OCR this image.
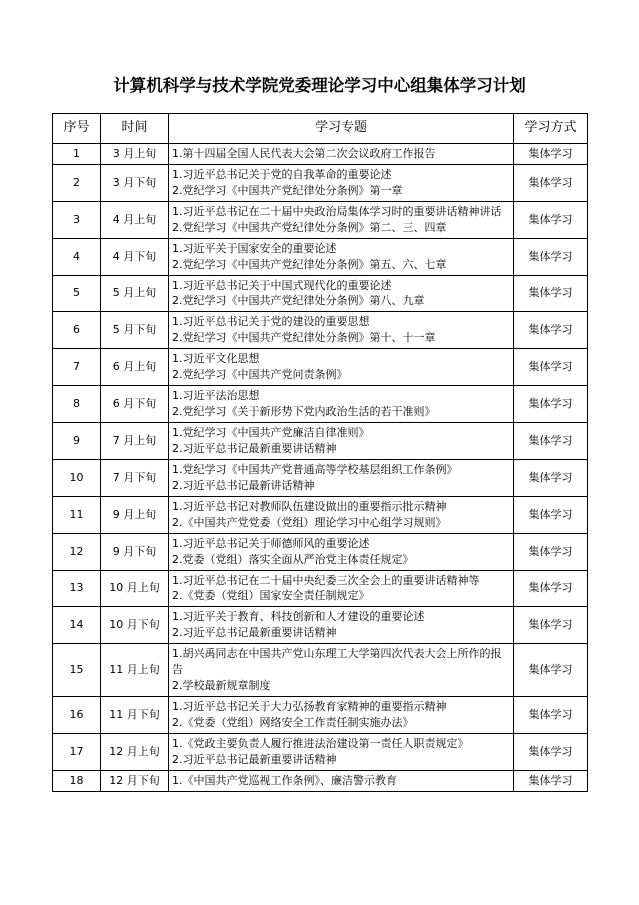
计算机科学与技术学院党委理论学习中心组集体学习计划
序号	时间	学习专题	学习方式
1	3 月上旬	1.第十四届全国人民代表大会第二次会议政府工作报告	集体学习
2	3 月下旬	1.习近平总书记关于党的自我革命的重要论述
2.党纪学习《中国共产党纪律处分条例》第一章	集体学习
3	4 月上旬	1.习近平总书记在二十届中央政治局集体学习时的重要讲话精神讲话
2.党纪学习《中国共产党纪律处分条例》第二、三、四章	集体学习
4	4 月下旬	1.习近平关于国家安全的重要论述
2.党纪学习《中国共产党纪律处分条例》第五、六、七章	集体学习
5	5 月上旬	1.习近平总书记关于中国式现代化的重要论述
2.党纪学习《中国共产党纪律处分条例》第八、九章	集体学习
6	5 月下旬	1.习近平总书记关于党的建设的重要思想
2.党纪学习《中国共产党纪律处分条例》第十、十一章	集体学习
7	6 月上旬	1.习近平文化思想
2.党纪学习《中国共产党问责条例》	集体学习
8	6 月下旬	1.习近平法治思想
2.党纪学习《关于新形势下党内政治生活的若干准则》	集体学习
9	7 月上旬	1.党纪学习《中国共产党廉洁自律准则》
2.习近平总书记最新重要讲话精神	集体学习
10	7 月下旬	1.党纪学习《中国共产党普通高等学校基层组织工作条例》
2.习近平总书记最新讲话精神	集体学习
11	9 月上旬	1.习近平总书记对教师队伍建设做出的重要指示批示精神
2.《中国共产党党委（党组）理论学习中心组学习规则》	集体学习
12	9 月下旬	1.习近平总书记关于师德师风的重要论述
2.党委（党组）落实全面从严治党主体责任规定》	集体学习
13	10 月上旬	1.习近平总书记在二十届中央纪委三次全会上的重要讲话精神等
2.《党委（党组）国家安全责任制规定》	集体学习
14	10 月下旬	1.习近平关于教育、科技创新和人才建设的重要论述
2.习近平总书记最新重要讲话精神	集体学习
15	11 月上旬	1.胡兴禹同志在中国共产党山东理工大学第四次代表大会上所作的报告
2.学校最新规章制度	集体学习
16	11 月下旬	1.习近平总书记关于大力弘扬教育家精神的重要指示精神
2.《党委（党组）网络安全工作责任制实施办法》	集体学习
17	12 月上旬	1.《党政主要负责人履行推进法治建设第一责任人职责规定》
2.习近平总书记最新重要讲话精神	集体学习
18	12 月下旬	1.《中国共产党巡视工作条例》、廉洁警示教育	集体学习
